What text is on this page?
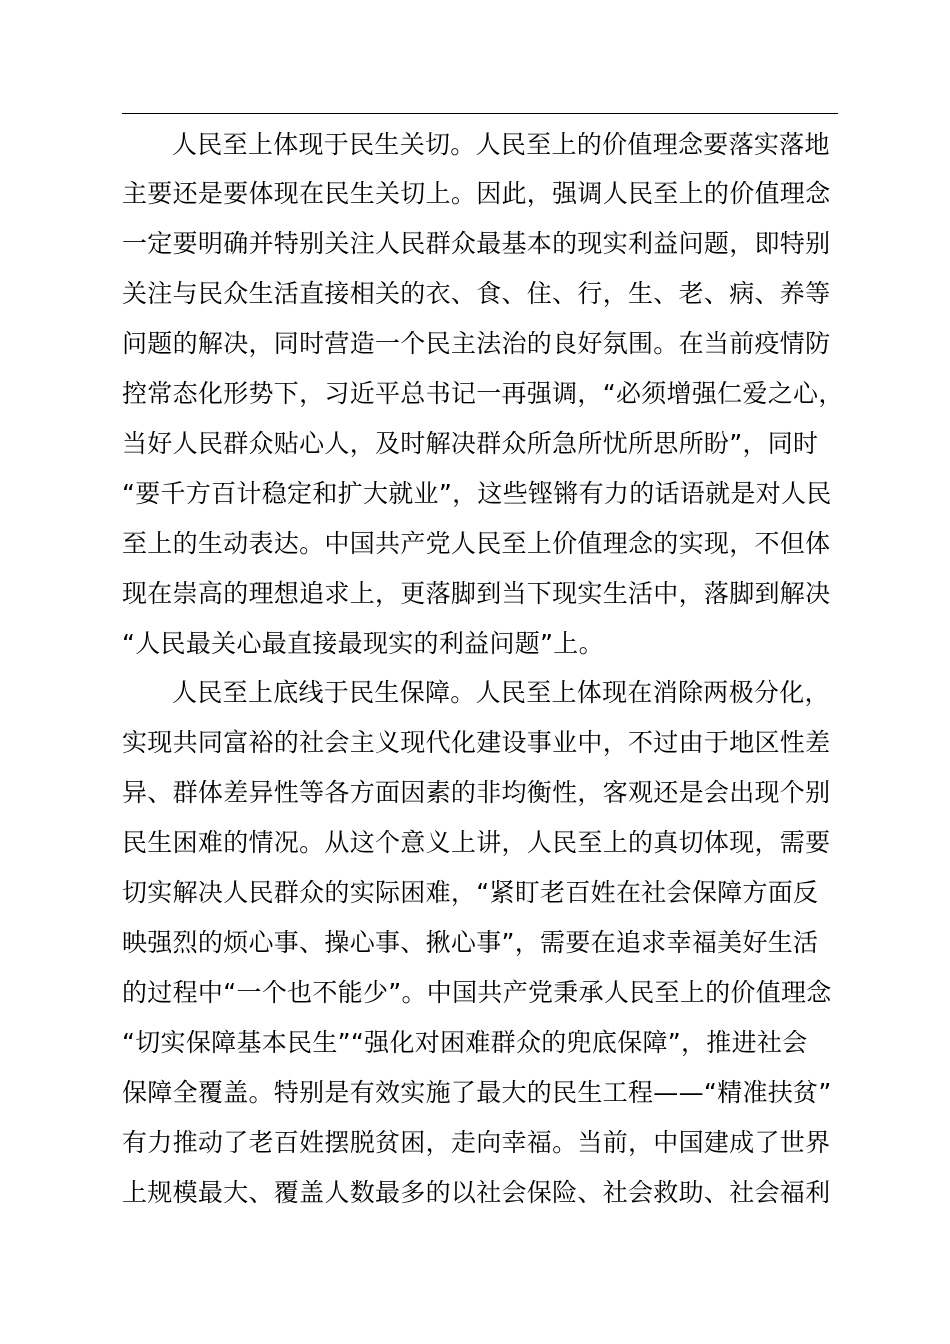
人民至上体现于民生关切。人民至上的价值理念要落实落地
主要还是要体现在民生关切上。因此，强调人民至上的价值理念
一定要明确并特别关注人民群众最基本的现实利益问题，即特别
关注与民众生活直接相关的衣、食、住、行，生、老、病、养等
问题的解决，同时营造一个民主法治的良好氛围。在当前疫情防
控常态化形势下，习近平总书记一再强调，“必须增强仁爱之心，
当好人民群众贴心人，及时解决群众所急所忧所思所盼”，同时
“要千方百计稳定和扩大就业”，这些铿锵有力的话语就是对人民
至上的生动表达。中国共产党人民至上价值理念的实现，不但体
现在崇高的理想追求上，更落脚到当下现实生活中，落脚到解决
“人民最关心最直接最现实的利益问题”上。
人民至上底线于民生保障。人民至上体现在消除两极分化，
实现共同富裕的社会主义现代化建设事业中，不过由于地区性差
异、群体差异性等各方面因素的非均衡性，客观还是会出现个别
民生困难的情况。从这个意义上讲，人民至上的真切体现，需要
切实解决人民群众的实际困难，“紧盯老百姓在社会保障方面反
映强烈的烦心事、操心事、揪心事”，需要在追求幸福美好生活
的过程中“一个也不能少”。中国共产党秉承人民至上的价值理念
“切实保障基本民生”“强化对困难群众的兜底保障”，推进社会
保障全覆盖。特别是有效实施了最大的民生工程——“精准扶贫”
有力推动了老百姓摆脱贫困，走向幸福。当前，中国建成了世界
上规模最大、覆盖人数最多的以社会保险、社会救助、社会福利
